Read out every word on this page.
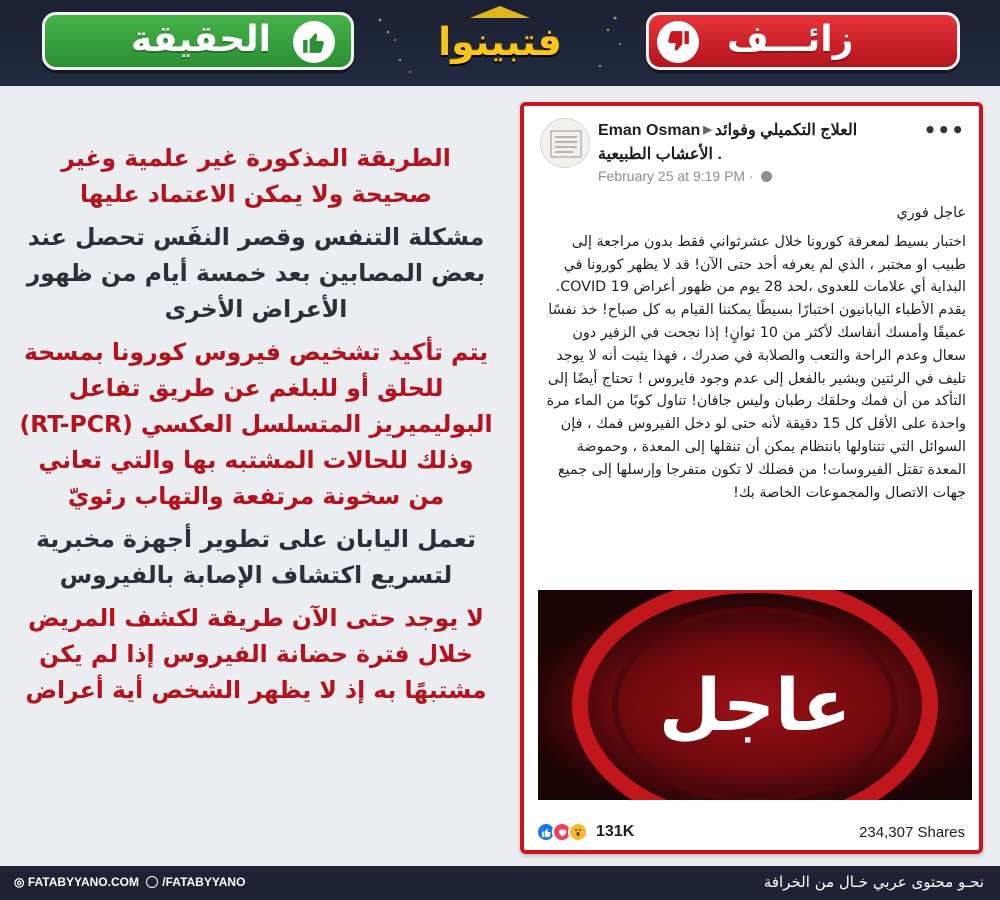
الحقيقة	فتبينوا	زائـــف
الطريقة المذكورة غير علمية وغير صحيحة ولا يمكن الاعتماد عليها
مشكلة التنفس وقصر النفَس تحصل عند بعض المصابين بعد خمسة أيام من ظهور الأعراض الأخرى
يتم تأكيد تشخيص فيروس كورونا بمسحة للحلق أو للبلغم عن طريق تفاعل البوليميريز المتسلسل العكسي (RT-PCR) وذلك للحالات المشتبه بها والتي تعاني من سخونة مرتفعة والتهاب رئويّ
تعمل اليابان على تطوير أجهزة مخبرية لتسريع اكتشاف الإصابة بالفيروس
لا يوجد حتى الآن طريقة لكشف المريض خلال فترة حضانة الفيروس إذا لم يكن مشتبهًا به إذ لا يظهر الشخص أية أعراض
Eman Osman ▶ العلاج التكميلي وفوائد
الأعشاب الطبيعية .
February 25 at 9:19 PM ·
•••

عاجل فوري

اختبار بسيط لمعرفة كورونا خلال عشرثواني فقط بدون مراجعة إلى طبيب او مختبر ، الذي لم يعرفه أحد حتى الآن! قد لا يظهر كورونا في البداية أي علامات للعدوى ،لحد 28 يوم من ظهور أعراض COVID 19. يقدم الأطباء اليابانيون اختبارًا بسيطًا يمكننا القيام به كل صباح! خذ نفسًا عميقًا وأمسك أنفاسك لأكثر من 10 ثوانٍ! إذا نجحت في الزفير دون سعال وعدم الراحة والتعب والصلابة في صدرك ، فهذا يثبت أنه لا يوجد تليف في الرئتين ويشير بالفعل إلى عدم وجود فايروس ! تحتاج أيضًا إلى التأكد من أن فمك وحلقك رطبان وليس جافان! تناول كوبًا من الماء مرة واحدة على الأقل كل 15 دقيقة لأنه حتى لو دخل الفيروس فمك ، فإن السوائل التي تتناولها بانتظام يمكن أن تنقلها إلى المعدة ، وحموضة المعدة تقتل الفيروسات! من فضلك لا تكون متفرجا وإرسلها إلى جميع جهات الاتصال والمجموعات الخاصة بك!

عاجل
131K	234,307 Shares
◎ FATABYYANO.COM /FATABYYANO	نحـو محتوى عربي خـال من الخرافة
